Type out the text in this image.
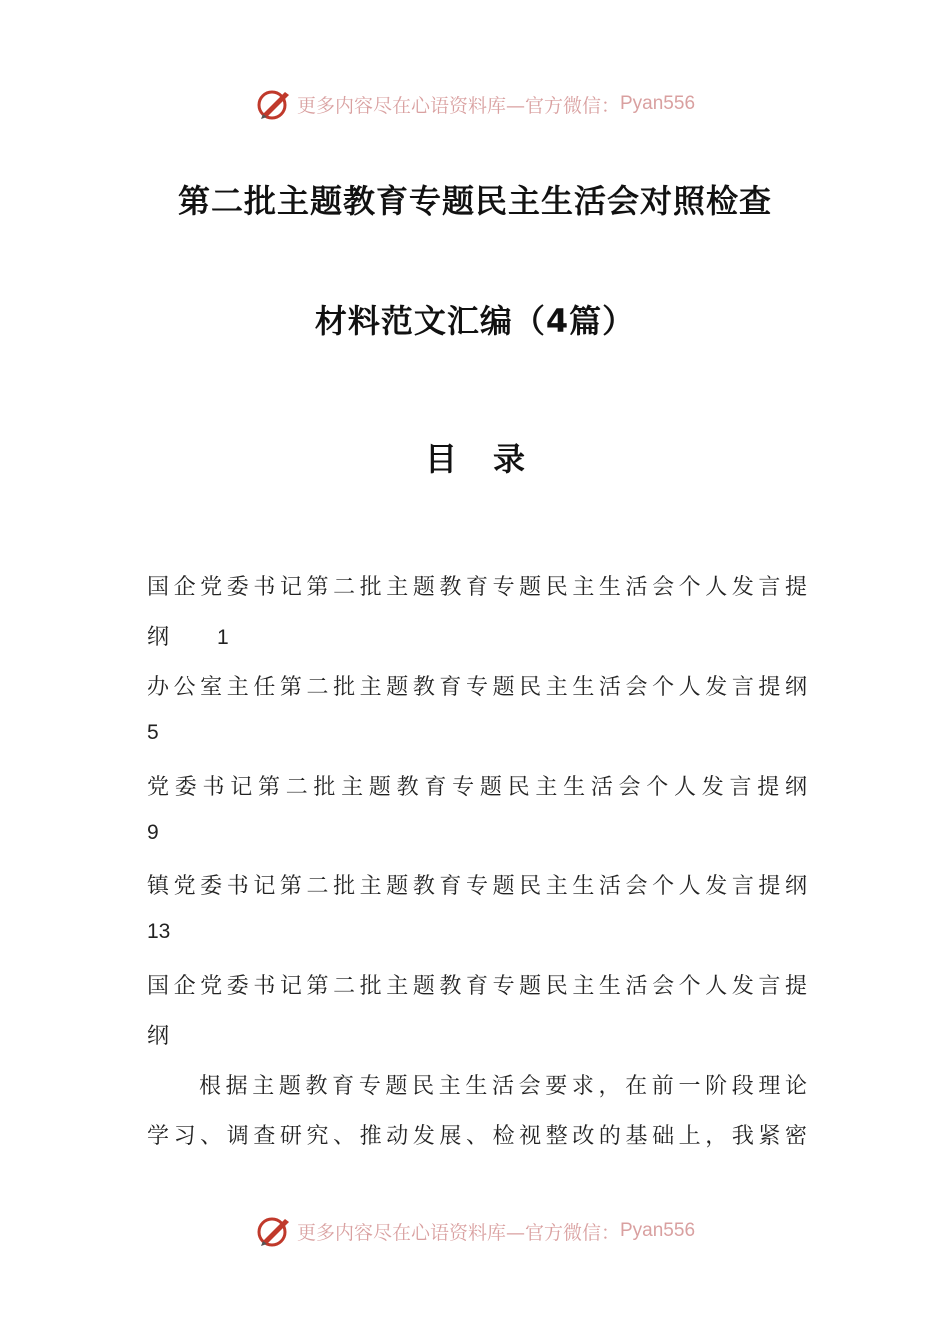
更多内容尽在心语资料库—官方微信： Pyan556
第二批主题教育专题民主生活会对照检查
材料范文汇编（4篇）
目录
国企党委书记第二批主题教育专题民主生活会个人发言提
纲 1
办公室主任第二批主题教育专题民主生活会个人发言提纲
5
党委书记第二批主题教育专题民主生活会个人发言提纲
9
镇党委书记第二批主题教育专题民主生活会个人发言提纲
13
国企党委书记第二批主题教育专题民主生活会个人发言提
纲
根据主题教育专题民主生活会要求，在前一阶段理论
学习、调查研究、推动发展、检视整改的基础上，我紧密
更多内容尽在心语资料库—官方微信： Pyan556
